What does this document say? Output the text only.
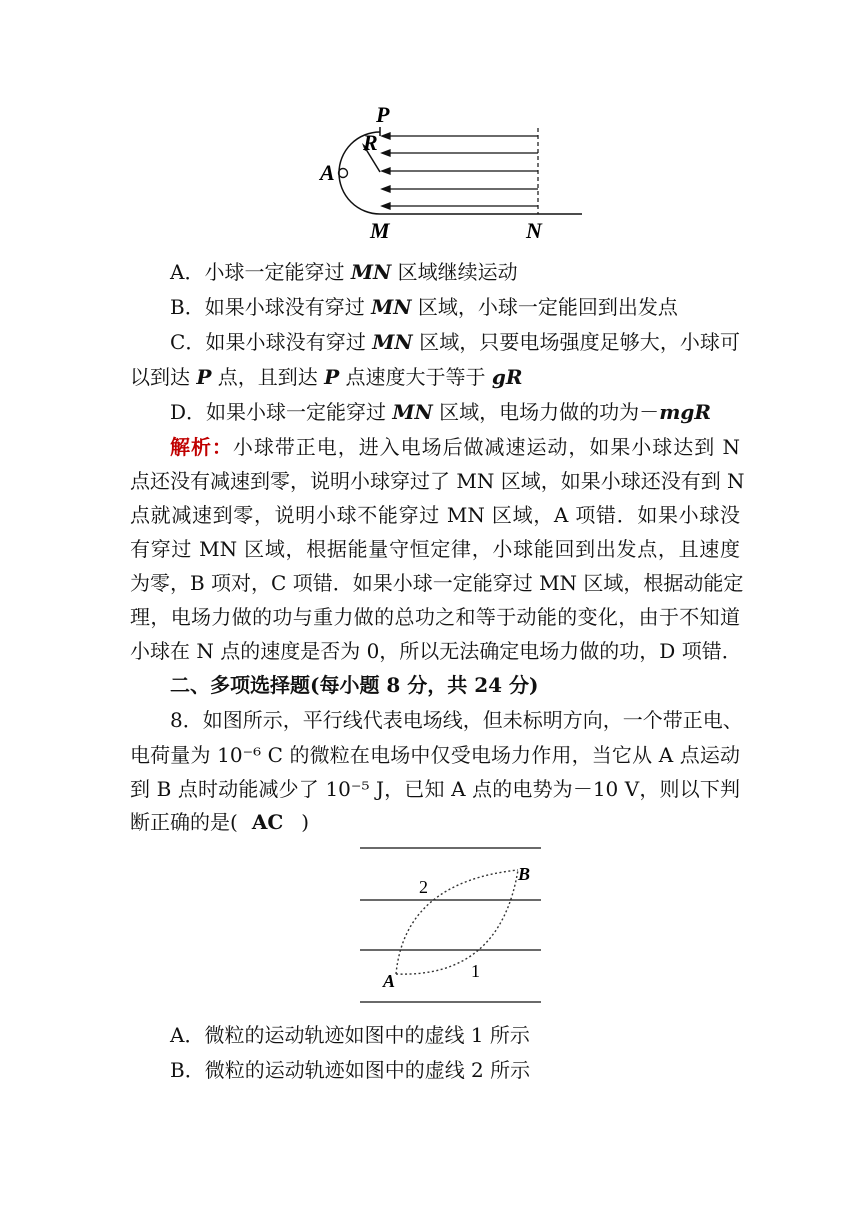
P
R
A
M	N
A．小球一定能穿过 MN 区域继续运动
B．如果小球没有穿过 MN 区域，小球一定能回到出发点
C．如果小球没有穿过 MN 区域，只要电场强度足够大，小球可
以到达 P 点，且到达 P 点速度大于等于 gR
D．如果小球一定能穿过 MN 区域，电场力做的功为－mgR
解析：小球带正电，进入电场后做减速运动，如果小球达到 N
点还没有减速到零，说明小球穿过了 MN 区域，如果小球还没有到 N
点就减速到零，说明小球不能穿过 MN 区域，A 项错．如果小球没
有穿过 MN 区域，根据能量守恒定律，小球能回到出发点，且速度
为零，B 项对，C 项错．如果小球一定能穿过 MN 区域，根据动能定
理，电场力做的功与重力做的总功之和等于动能的变化，由于不知道
小球在 N 点的速度是否为 0，所以无法确定电场力做的功，D 项错．
二、多项选择题(每小题 8 分，共 24 分)
8．如图所示，平行线代表电场线，但未标明方向，一个带正电、
电荷量为 10⁻⁶ C 的微粒在电场中仅受电场力作用，当它从 A 点运动
到 B 点时动能减少了 10⁻⁵ J，已知 A 点的电势为－10 V，则以下判
断正确的是( AC )
A
B
2
1
A．微粒的运动轨迹如图中的虚线 1 所示
B．微粒的运动轨迹如图中的虚线 2 所示
